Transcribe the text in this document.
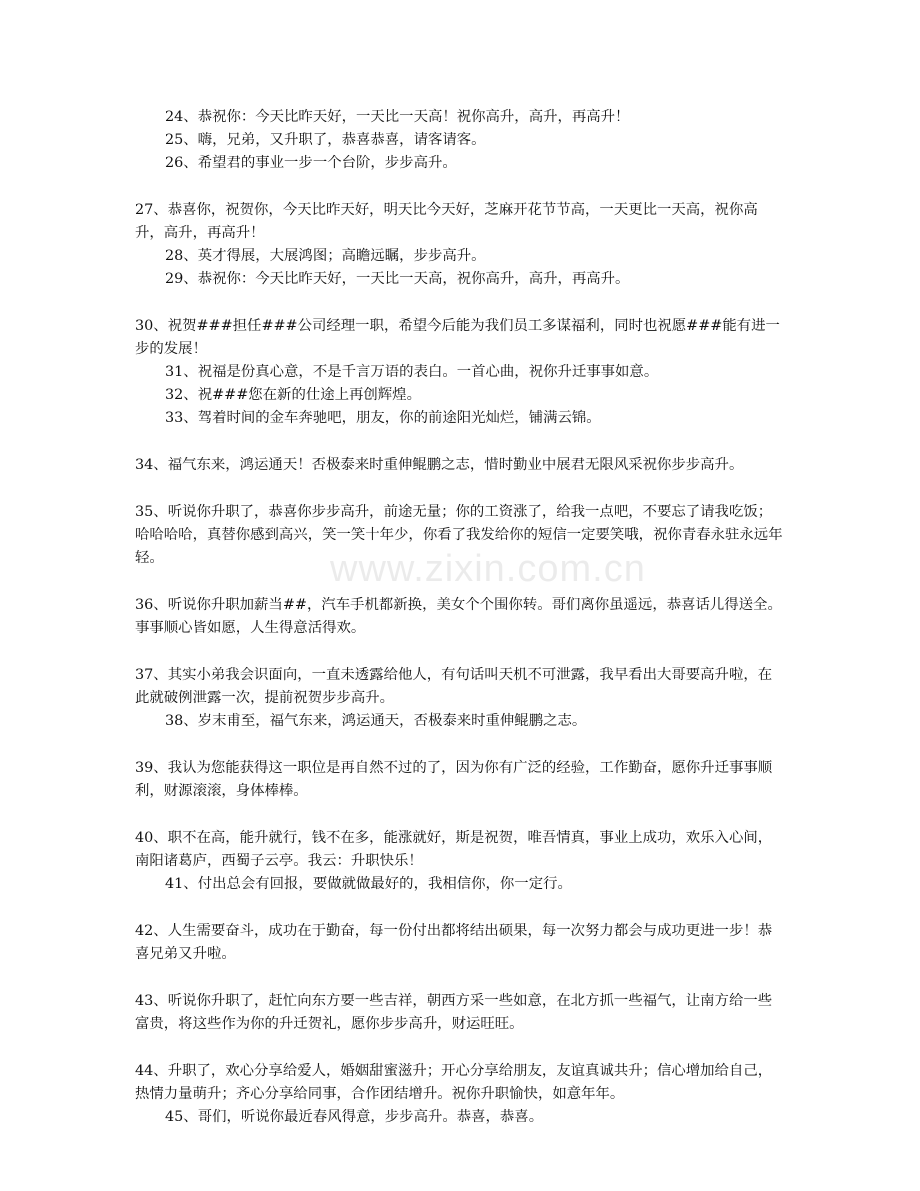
24、恭祝你：今天比昨天好，一天比一天高！祝你高升，高升，再高升！

25、嗨，兄弟，又升职了，恭喜恭喜，请客请客。

26、希望君的事业一步一个台阶，步步高升。

27、恭喜你，祝贺你，今天比昨天好，明天比今天好，芝麻开花节节高，一天更比一天高，祝你高升，高升，再高升！

28、英才得展，大展鸿图；高瞻远瞩，步步高升。

29、恭祝你：今天比昨天好，一天比一天高，祝你高升，高升，再高升。

30、祝贺###担任###公司经理一职，希望今后能为我们员工多谋福利，同时也祝愿###能有进一步的发展！

31、祝福是份真心意，不是千言万语的表白。一首心曲，祝你升迁事事如意。

32、祝###您在新的仕途上再创辉煌。

33、驾着时间的金车奔驰吧，朋友，你的前途阳光灿烂，铺满云锦。

34、福气东来，鸿运通天！否极泰来时重伸鲲鹏之志，惜时勤业中展君无限风采祝你步步高升。

35、听说你升职了，恭喜你步步高升，前途无量；你的工资涨了，给我一点吧，不要忘了请我吃饭；哈哈哈哈，真替你感到高兴，笑一笑十年少，你看了我发给你的短信一定要笑哦，祝你青春永驻永远年轻。

36、听说你升职加薪当##，汽车手机都新换，美女个个围你转。哥们离你虽遥远，恭喜话儿得送全。事事顺心皆如愿，人生得意活得欢。

37、其实小弟我会识面向，一直未透露给他人，有句话叫天机不可泄露，我早看出大哥要高升啦，在此就破例泄露一次，提前祝贺步步高升。

38、岁末甫至，福气东来，鸿运通天，否极泰来时重伸鲲鹏之志。

39、我认为您能获得这一职位是再自然不过的了，因为你有广泛的经验，工作勤奋，愿你升迁事事顺利，财源滚滚，身体棒棒。

40、职不在高，能升就行，钱不在多，能涨就好，斯是祝贺，唯吾情真，事业上成功，欢乐入心间，南阳诸葛庐，西蜀子云亭。我云：升职快乐！

41、付出总会有回报，要做就做最好的，我相信你，你一定行。

42、人生需要奋斗，成功在于勤奋，每一份付出都将结出硕果，每一次努力都会与成功更进一步！恭喜兄弟又升啦。

43、听说你升职了，赶忙向东方要一些吉祥，朝西方采一些如意，在北方抓一些福气，让南方给一些富贵，将这些作为你的升迁贺礼，愿你步步高升，财运旺旺。

44、升职了，欢心分享给爱人，婚姻甜蜜滋升；开心分享给朋友，友谊真诚共升；信心增加给自己，热情力量萌升；齐心分享给同事，合作团结增升。祝你升职愉快，如意年年。

45、哥们，听说你最近春风得意，步步高升。恭喜，恭喜。

www.zixin.com.cn
